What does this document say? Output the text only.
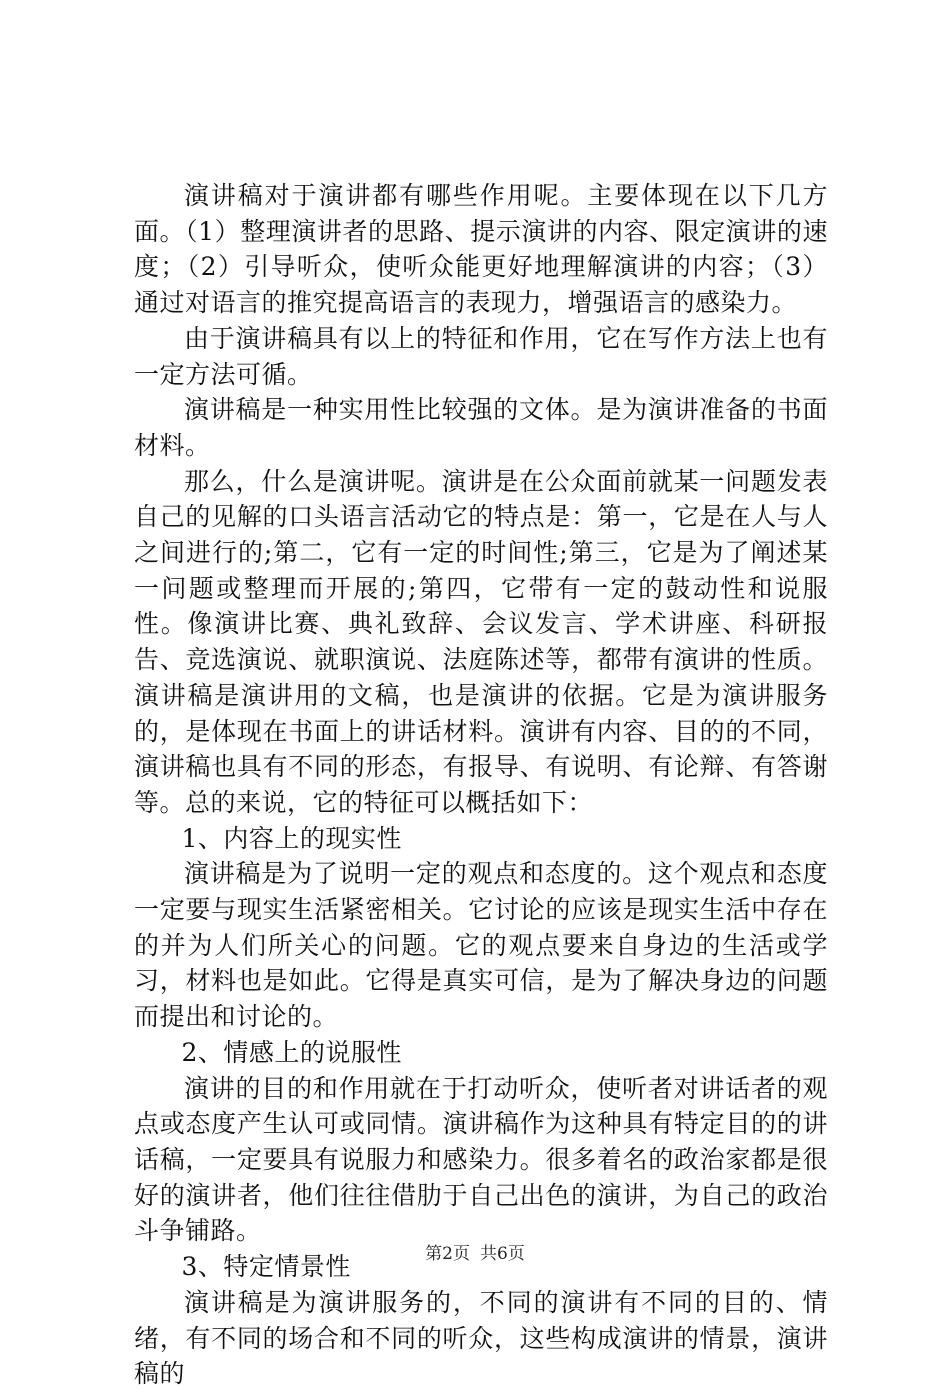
演讲稿对于演讲都有哪些作用呢。主要体现在以下几方面。（1）整理演讲者的思路、提示演讲的内容、限定演讲的速度；（2）引导听众，使听众能更好地理解演讲的内容；（3）通过对语言的推究提高语言的表现力，增强语言的感染力。

由于演讲稿具有以上的特征和作用，它在写作方法上也有一定方法可循。

演讲稿是一种实用性比较强的文体。是为演讲准备的书面材料。

那么，什么是演讲呢。演讲是在公众面前就某一问题发表自己的见解的口头语言活动它的特点是：第一，它是在人与人之间进行的;第二，它有一定的时间性;第三，它是为了阐述某一问题或整理而开展的;第四，它带有一定的鼓动性和说服性。像演讲比赛、典礼致辞、会议发言、学术讲座、科研报告、竞选演说、就职演说、法庭陈述等，都带有演讲的性质。演讲稿是演讲用的文稿，也是演讲的依据。它是为演讲服务的，是体现在书面上的讲话材料。演讲有内容、目的的不同，演讲稿也具有不同的形态，有报导、有说明、有论辩、有答谢等。总的来说，它的特征可以概括如下：

1、内容上的现实性

演讲稿是为了说明一定的观点和态度的。这个观点和态度一定要与现实生活紧密相关。它讨论的应该是现实生活中存在的并为人们所关心的问题。它的观点要来自身边的生活或学习，材料也是如此。它得是真实可信，是为了解决身边的问题而提出和讨论的。

2、情感上的说服性

演讲的目的和作用就在于打动听众，使听者对讲话者的观点或态度产生认可或同情。演讲稿作为这种具有特定目的的讲话稿，一定要具有说服力和感染力。很多着名的政治家都是很好的演讲者，他们往往借肋于自己出色的演讲，为自己的政治斗争铺路。

3、特定情景性

演讲稿是为演讲服务的，不同的演讲有不同的目的、情绪，有不同的场合和不同的听众，这些构成演讲的情景，演讲稿的

第2页 共6页
